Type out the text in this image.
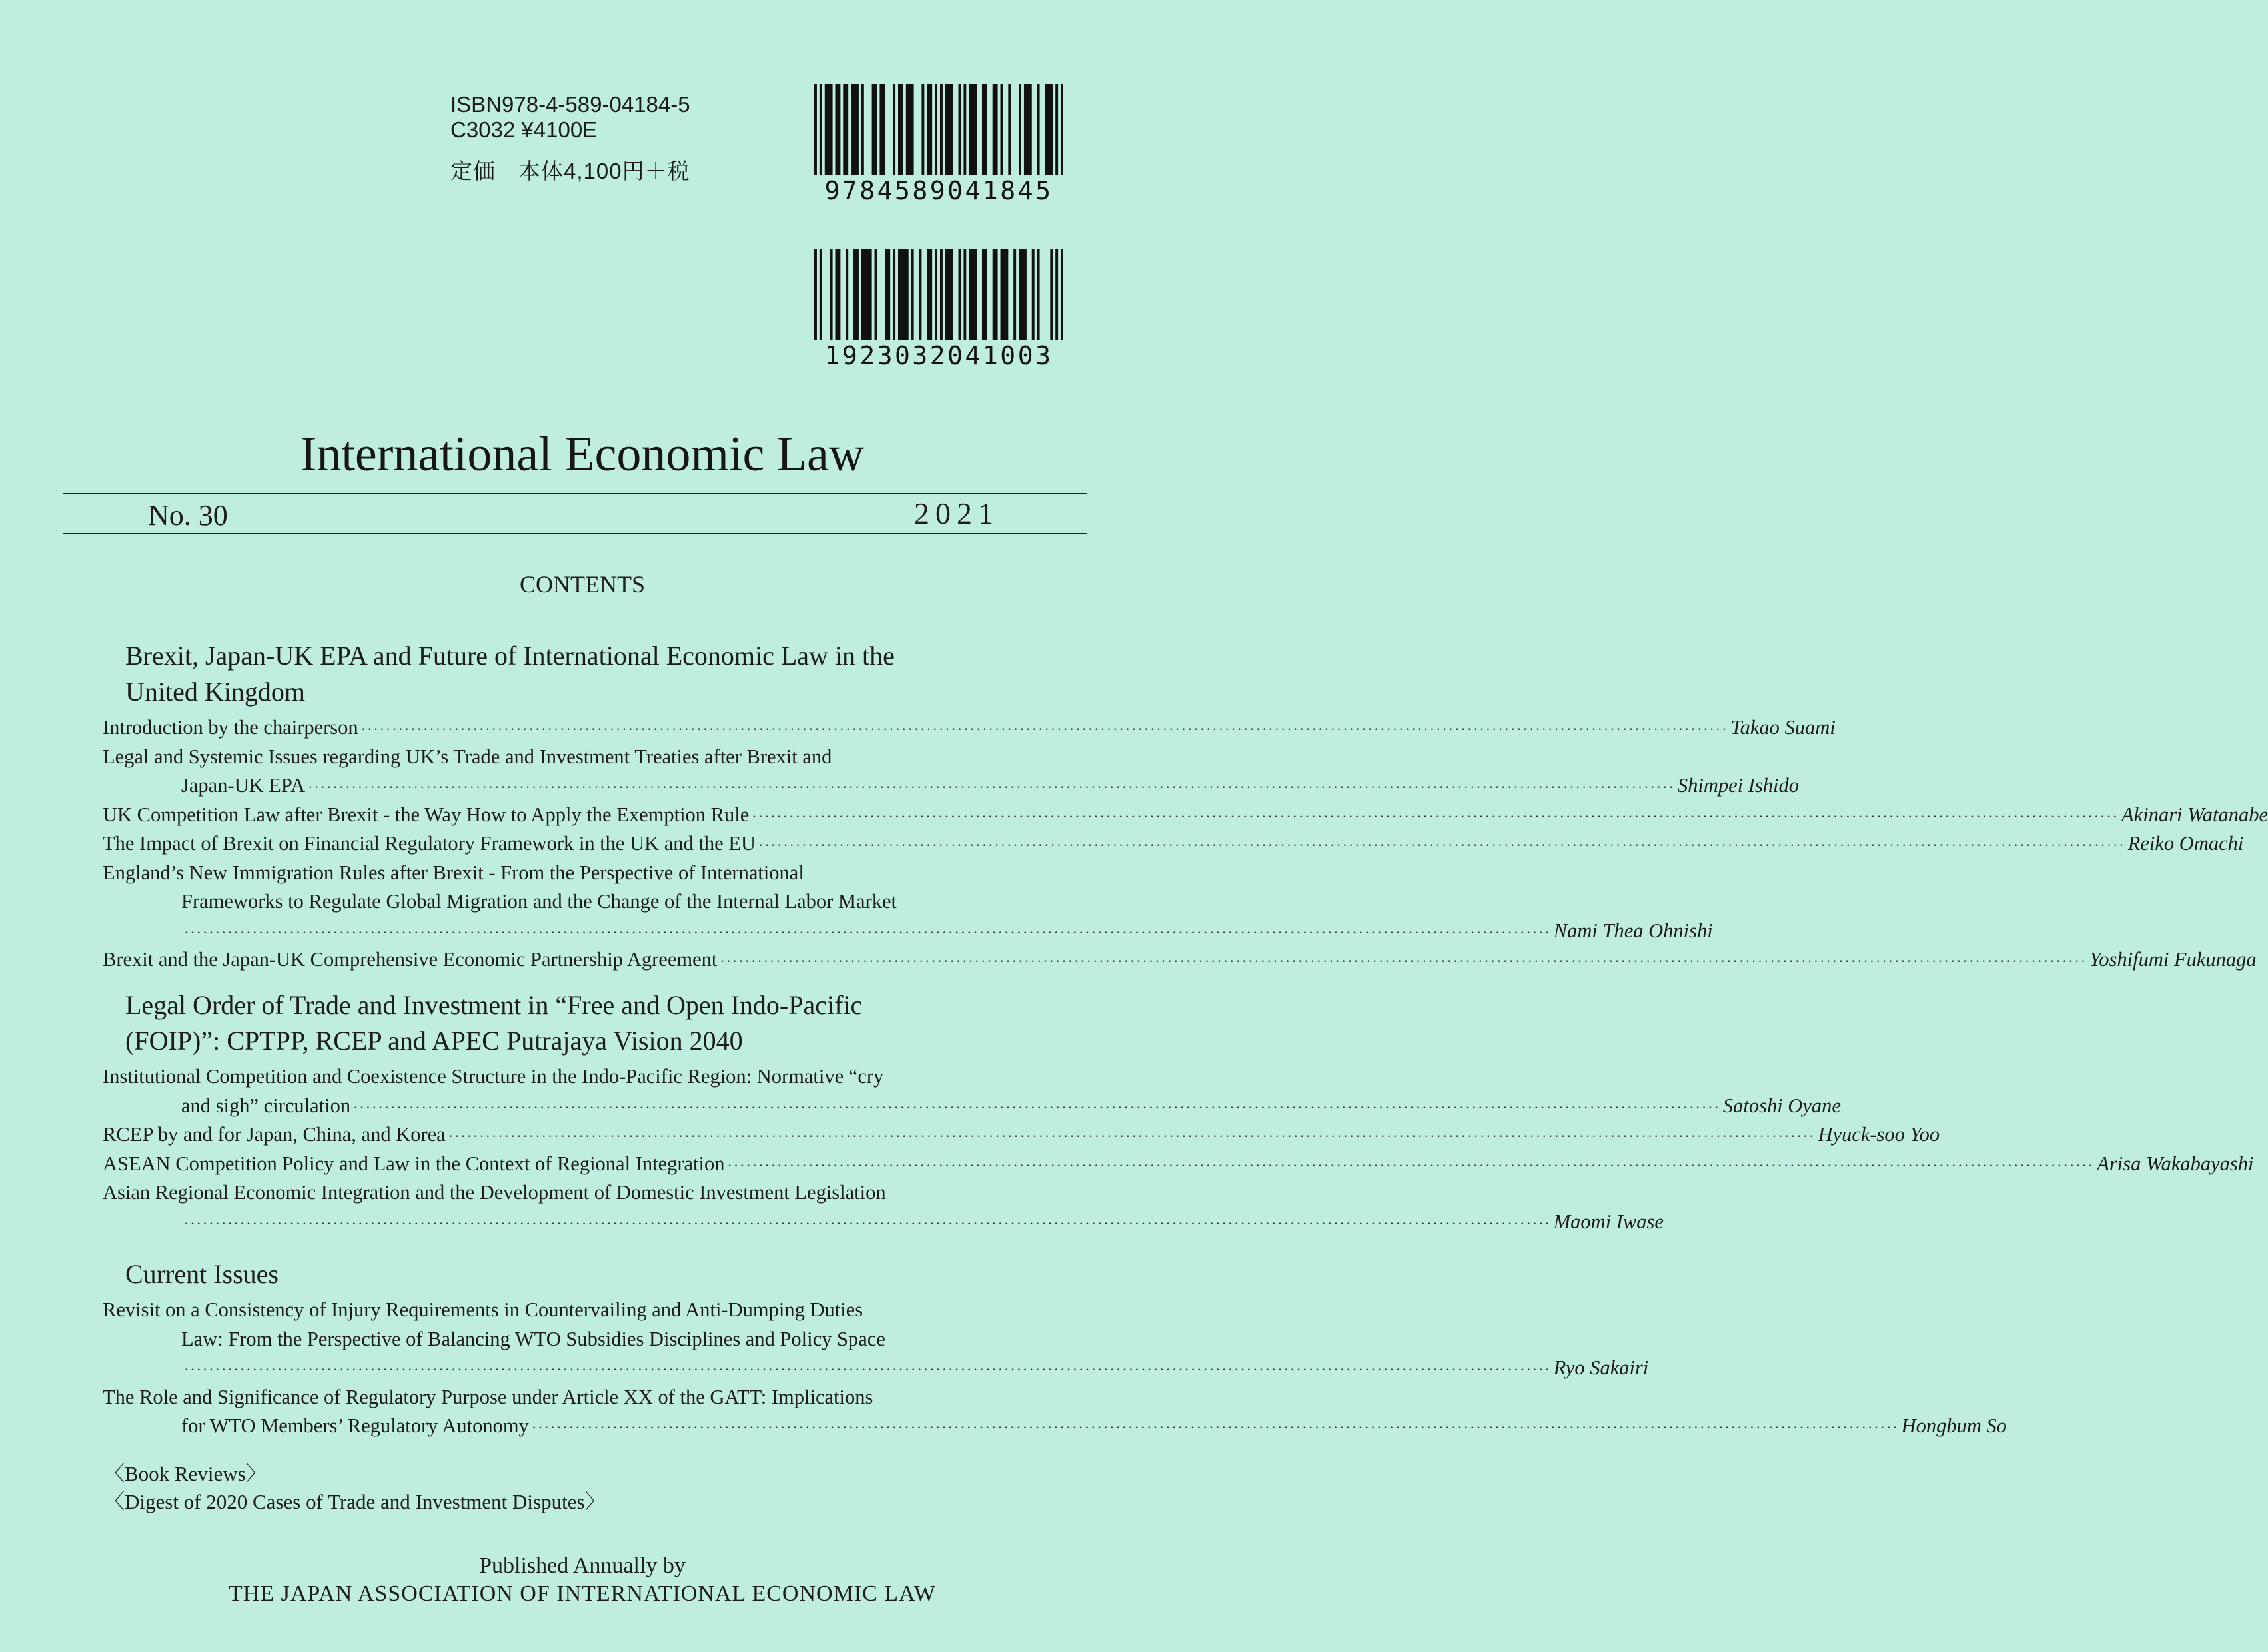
ISBN978-4-589-04184-5
C3032 ¥4100E
定価　本体4,100円＋税
9784589041845
1923032041003
International Economic Law
No. 30	2021
CONTENTS
Brexit, Japan-UK EPA and Future of International Economic Law in the
United Kingdom
Introduction by the chairperson ···························································································································································································································· Takao Suami
Legal and Systemic Issues regarding UK’s Trade and Investment Treaties after Brexit and
Japan-UK EPA ···························································································································································································································· Shimpei Ishido
UK Competition Law after Brexit - the Way How to Apply the Exemption Rule ···························································································································································································································· Akinari Watanabe
The Impact of Brexit on Financial Regulatory Framework in the UK and the EU ···························································································································································································································· Reiko Omachi
England’s New Immigration Rules after Brexit - From the Perspective of International
Frameworks to Regulate Global Migration and the Change of the Internal Labor Market
···························································································································································································································· Nami Thea Ohnishi
Brexit and the Japan-UK Comprehensive Economic Partnership Agreement ···························································································································································································································· Yoshifumi Fukunaga
Legal Order of Trade and Investment in “Free and Open Indo-Pacific
(FOIP)”: CPTPP, RCEP and APEC Putrajaya Vision 2040
Institutional Competition and Coexistence Structure in the Indo-Pacific Region: Normative “cry
and sigh” circulation ···························································································································································································································· Satoshi Oyane
RCEP by and for Japan, China, and Korea ···························································································································································································································· Hyuck-soo Yoo
ASEAN Competition Policy and Law in the Context of Regional Integration ···························································································································································································································· Arisa Wakabayashi
Asian Regional Economic Integration and the Development of Domestic Investment Legislation
···························································································································································································································· Maomi Iwase
Current Issues
Revisit on a Consistency of Injury Requirements in Countervailing and Anti-Dumping Duties
Law: From the Perspective of Balancing WTO Subsidies Disciplines and Policy Space
···························································································································································································································· Ryo Sakairi
The Role and Significance of Regulatory Purpose under Article XX of the GATT: Implications
for WTO Members’ Regulatory Autonomy ···························································································································································································································· Hongbum So
〈Book Reviews〉
〈Digest of 2020 Cases of Trade and Investment Disputes〉
Published Annually by
THE JAPAN ASSOCIATION OF INTERNATIONAL ECONOMIC LAW
